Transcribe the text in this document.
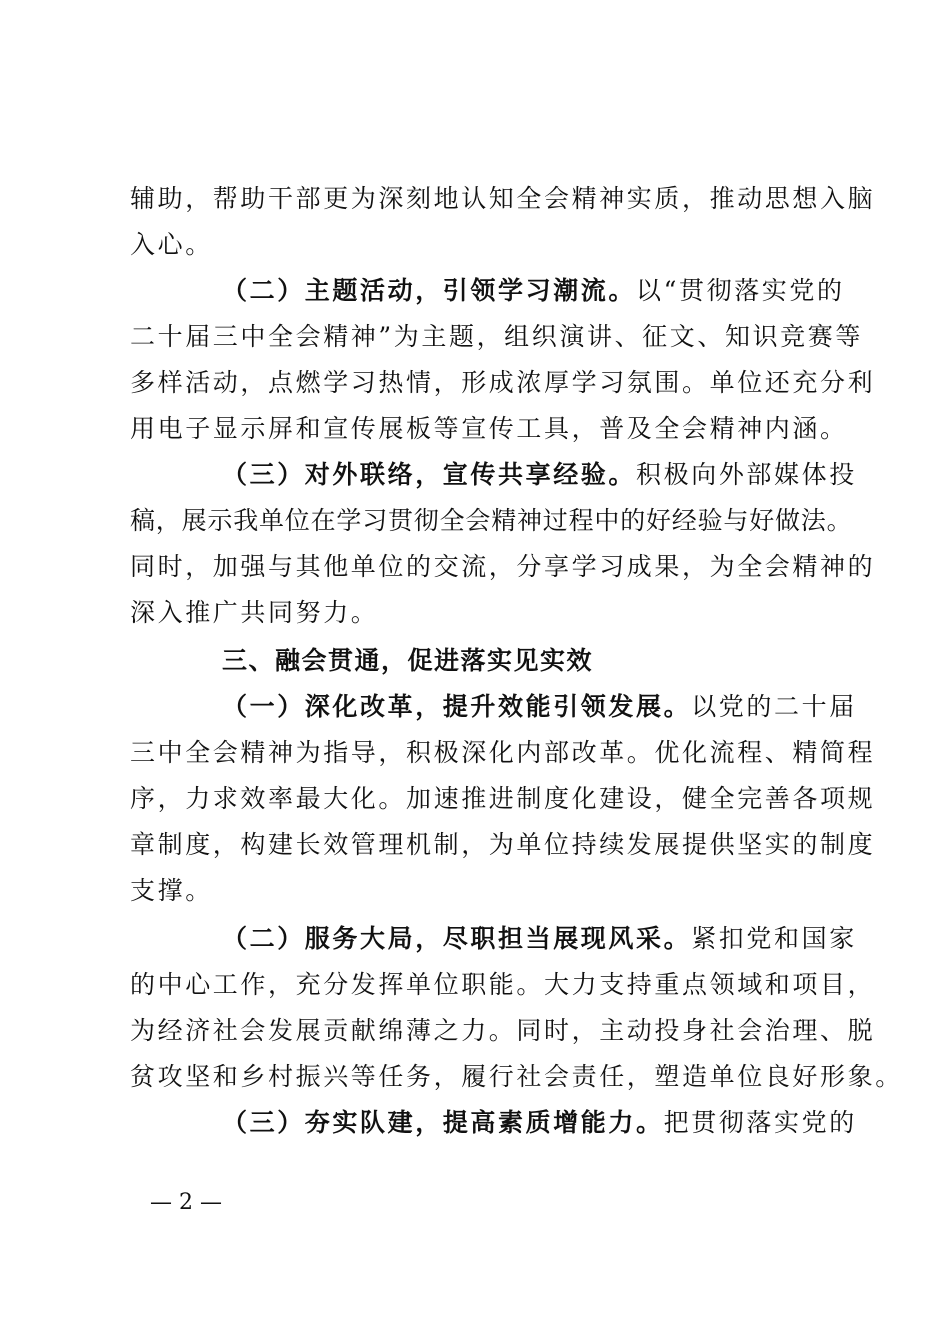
辅助，帮助干部更为深刻地认知全会精神实质，推动思想入脑
入心。
（二）主题活动，引领学习潮流。以“贯彻落实党的
二十届三中全会精神”为主题，组织演讲、征文、知识竞赛等
多样活动，点燃学习热情，形成浓厚学习氛围。单位还充分利
用电子显示屏和宣传展板等宣传工具，普及全会精神内涵。
（三）对外联络，宣传共享经验。积极向外部媒体投
稿，展示我单位在学习贯彻全会精神过程中的好经验与好做法。
同时，加强与其他单位的交流，分享学习成果，为全会精神的
深入推广共同努力。
三、融会贯通，促进落实见实效
（一）深化改革，提升效能引领发展。以党的二十届
三中全会精神为指导，积极深化内部改革。优化流程、精简程
序，力求效率最大化。加速推进制度化建设，健全完善各项规
章制度，构建长效管理机制，为单位持续发展提供坚实的制度
支撑。
（二）服务大局，尽职担当展现风采。紧扣党和国家
的中心工作，充分发挥单位职能。大力支持重点领域和项目，
为经济社会发展贡献绵薄之力。同时，主动投身社会治理、脱
贫攻坚和乡村振兴等任务，履行社会责任，塑造单位良好形象。
（三）夯实队建，提高素质增能力。把贯彻落实党的
— 2 —
